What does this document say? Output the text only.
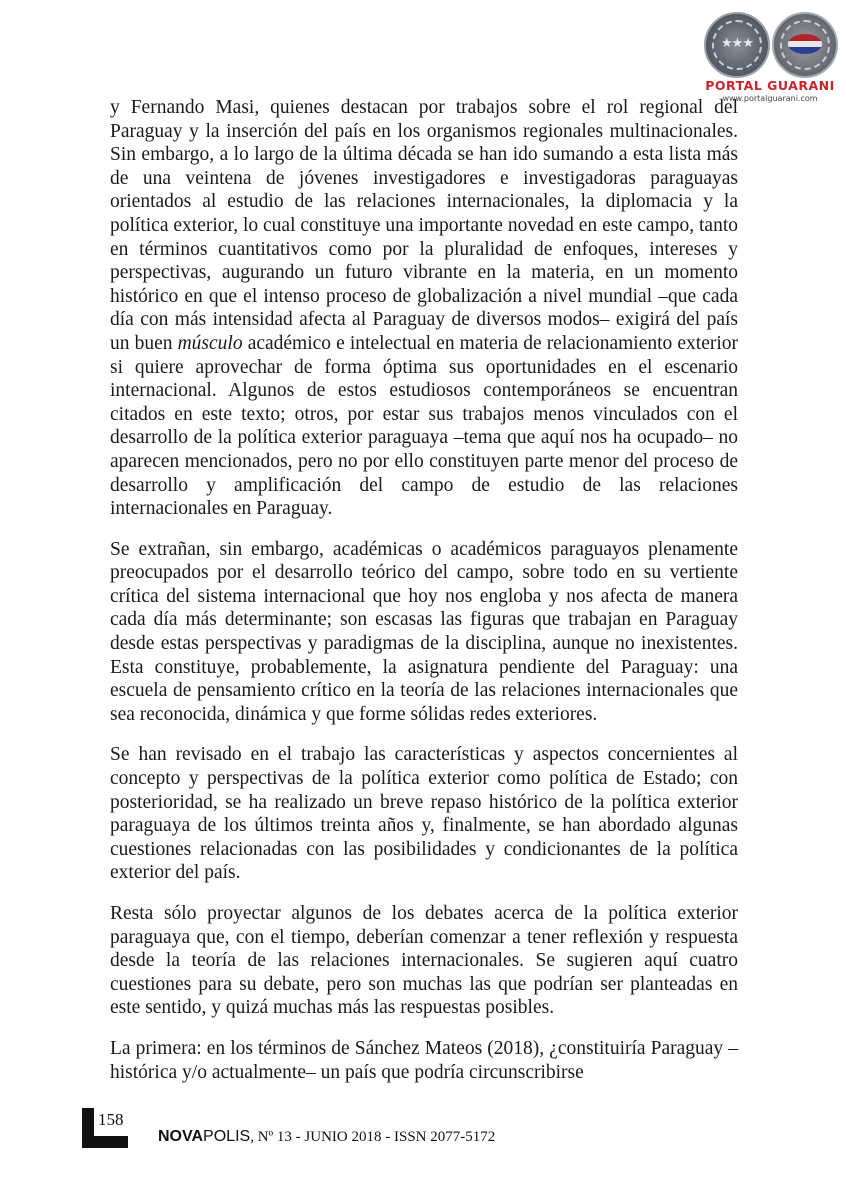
★★★
PORTAL GUARANI
www.portalguarani.com

y Fernando Masi, quienes destacan por trabajos sobre el rol regional del Paraguay y la inserción del país en los organismos regionales multinacionales. Sin embargo, a lo largo de la última década se han ido sumando a esta lista más de una veintena de jóvenes investigadores e investigadoras paraguayas orientados al estudio de las relaciones internacionales, la diplomacia y la política exterior, lo cual constituye una importante novedad en este campo, tanto en términos cuantitativos como por la pluralidad de enfoques, intereses y perspectivas, augurando un futuro vibrante en la materia, en un momento histórico en que el intenso proceso de globalización a nivel mundial –que cada día con más intensidad afecta al Paraguay de diversos modos– exigirá del país un buen músculo académico e intelectual en materia de relacionamiento exterior si quiere aprovechar de forma óptima sus oportunidades en el escenario internacional. Algunos de estos estudiosos contemporáneos se encuentran citados en este texto; otros, por estar sus trabajos menos vinculados con el desarrollo de la política exterior paraguaya –tema que aquí nos ha ocupado– no aparecen mencionados, pero no por ello constituyen parte menor del proceso de desarrollo y amplificación del campo de estudio de las relaciones internacionales en Paraguay.

Se extrañan, sin embargo, académicas o académicos paraguayos plenamente preocupados por el desarrollo teórico del campo, sobre todo en su vertiente crítica del sistema internacional que hoy nos engloba y nos afecta de manera cada día más determinante; son escasas las figuras que trabajan en Paraguay desde estas perspectivas y paradigmas de la disciplina, aunque no inexistentes. Esta constituye, probablemente, la asignatura pendiente del Paraguay: una escuela de pensamiento crítico en la teoría de las relaciones internacionales que sea reconocida, dinámica y que forme sólidas redes exteriores.

Se han revisado en el trabajo las características y aspectos concernientes al concepto y perspectivas de la política exterior como política de Estado; con posterioridad, se ha realizado un breve repaso histórico de la política exterior paraguaya de los últimos treinta años y, finalmente, se han abordado algunas cuestiones relacionadas con las posibilidades y condicionantes de la política exterior del país.

Resta sólo proyectar algunos de los debates acerca de la política exterior paraguaya que, con el tiempo, deberían comenzar a tener reflexión y respuesta desde la teoría de las relaciones internacionales. Se sugieren aquí cuatro cuestiones para su debate, pero son muchas las que podrían ser planteadas en este sentido, y quizá muchas más las respuestas posibles.

La primera: en los términos de Sánchez Mateos (2018), ¿constituiría Paraguay –histórica y/o actualmente– un país que podría circunscribirse

158
NOVAPOLIS, Nº 13 - JUNIO 2018 - ISSN 2077-5172
